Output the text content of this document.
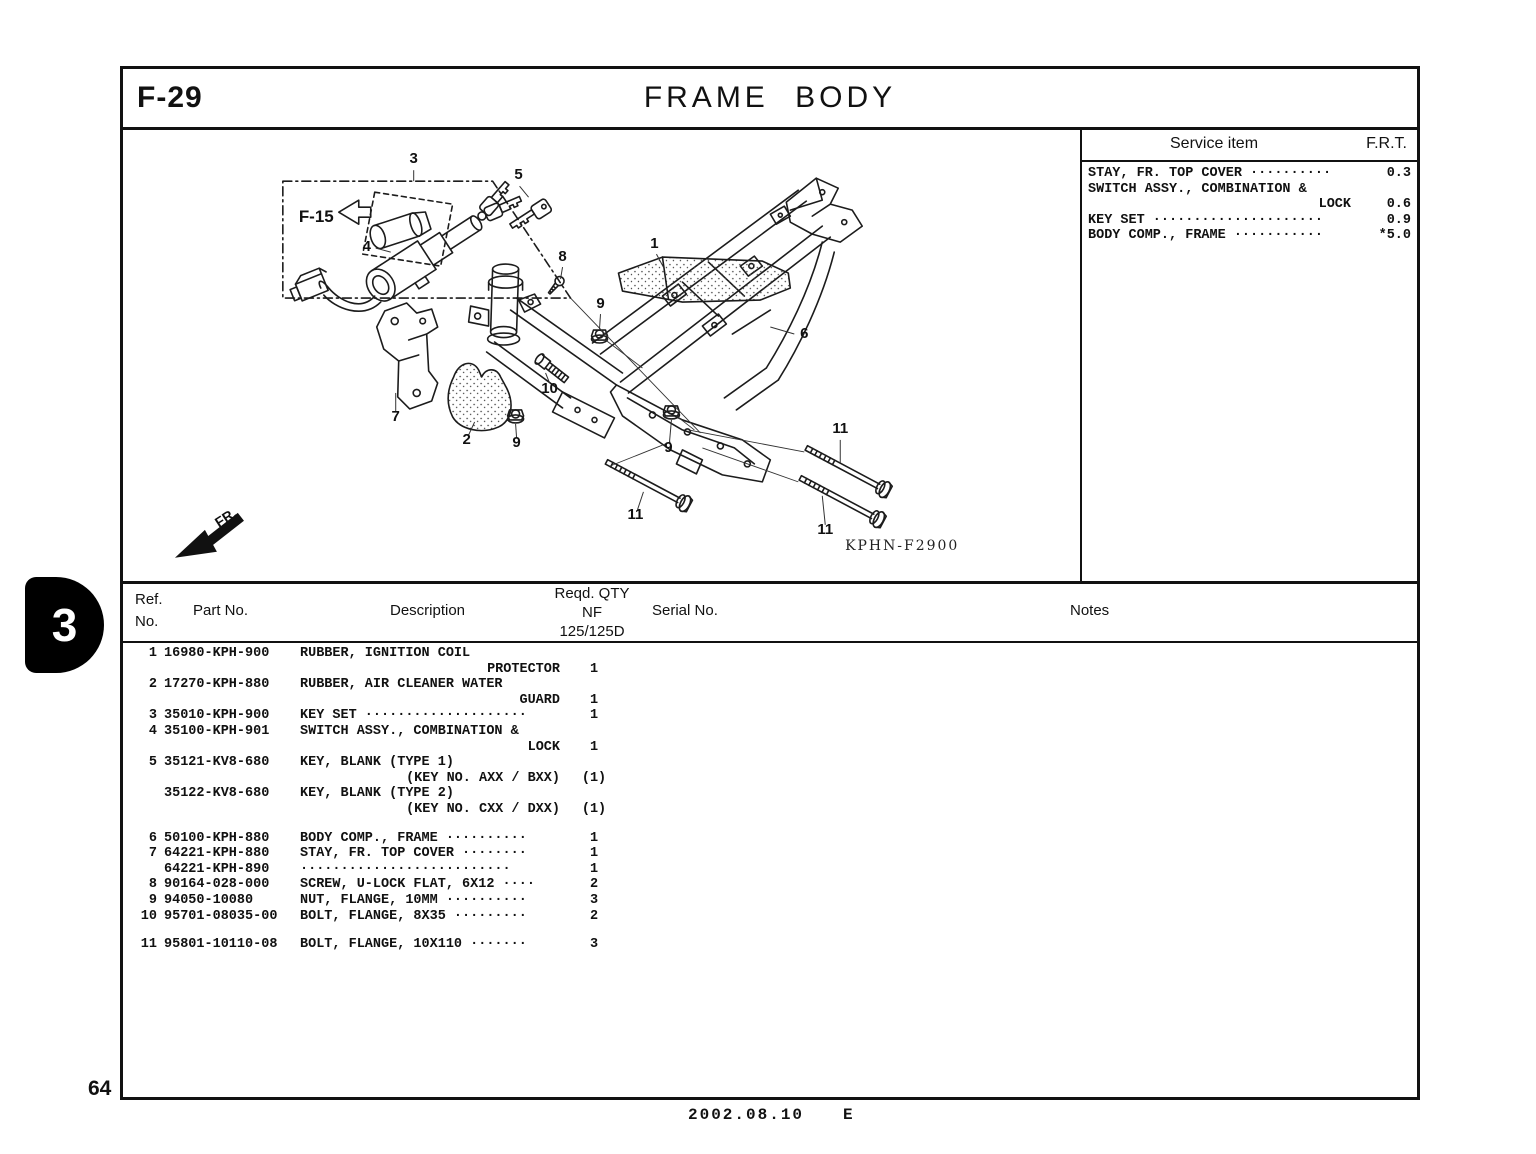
3
64
F-29	FRAME BODY
F-15
FR.
KPHN-F2900
3
5
4
8
1
9
6
10
7
2	9	9
11
11
11
Service item	F.R.T.
STAY, FR. TOP COVER ··········	0.3
SWITCH ASSY., COMBINATION &
LOCK	0.6
KEY SET ·····················	0.9
BODY COMP., FRAME ···········	*5.0
Ref.
No.
Part No.	Description
Reqd. QTY
NF
125/125D
Serial No.	Notes
1 16980-KPH-900	RUBBER, IGNITION COIL
PROTECTOR	1
2 17270-KPH-880	RUBBER, AIR CLEANER WATER
GUARD	1
3 35010-KPH-900	KEY SET ····················	1
4 35100-KPH-901	SWITCH ASSY., COMBINATION &
LOCK	1
5 35121-KV8-680	KEY, BLANK (TYPE 1)
(KEY NO. AXX / BXX)	(1)
35122-KV8-680	KEY, BLANK (TYPE 2)
(KEY NO. CXX / DXX)	(1)
6 50100-KPH-880	BODY COMP., FRAME ··········	1
7 64221-KPH-880	STAY, FR. TOP COVER ········	1
64221-KPH-890	··························	1
8 90164-028-000	SCREW, U-LOCK FLAT, 6X12 ····	2
9 94050-10080	NUT, FLANGE, 10MM ··········	3
10 95701-08035-00	BOLT, FLANGE, 8X35 ·········	2
11 95801-10110-08	BOLT, FLANGE, 10X110 ·······	3
2002.08.10 E
